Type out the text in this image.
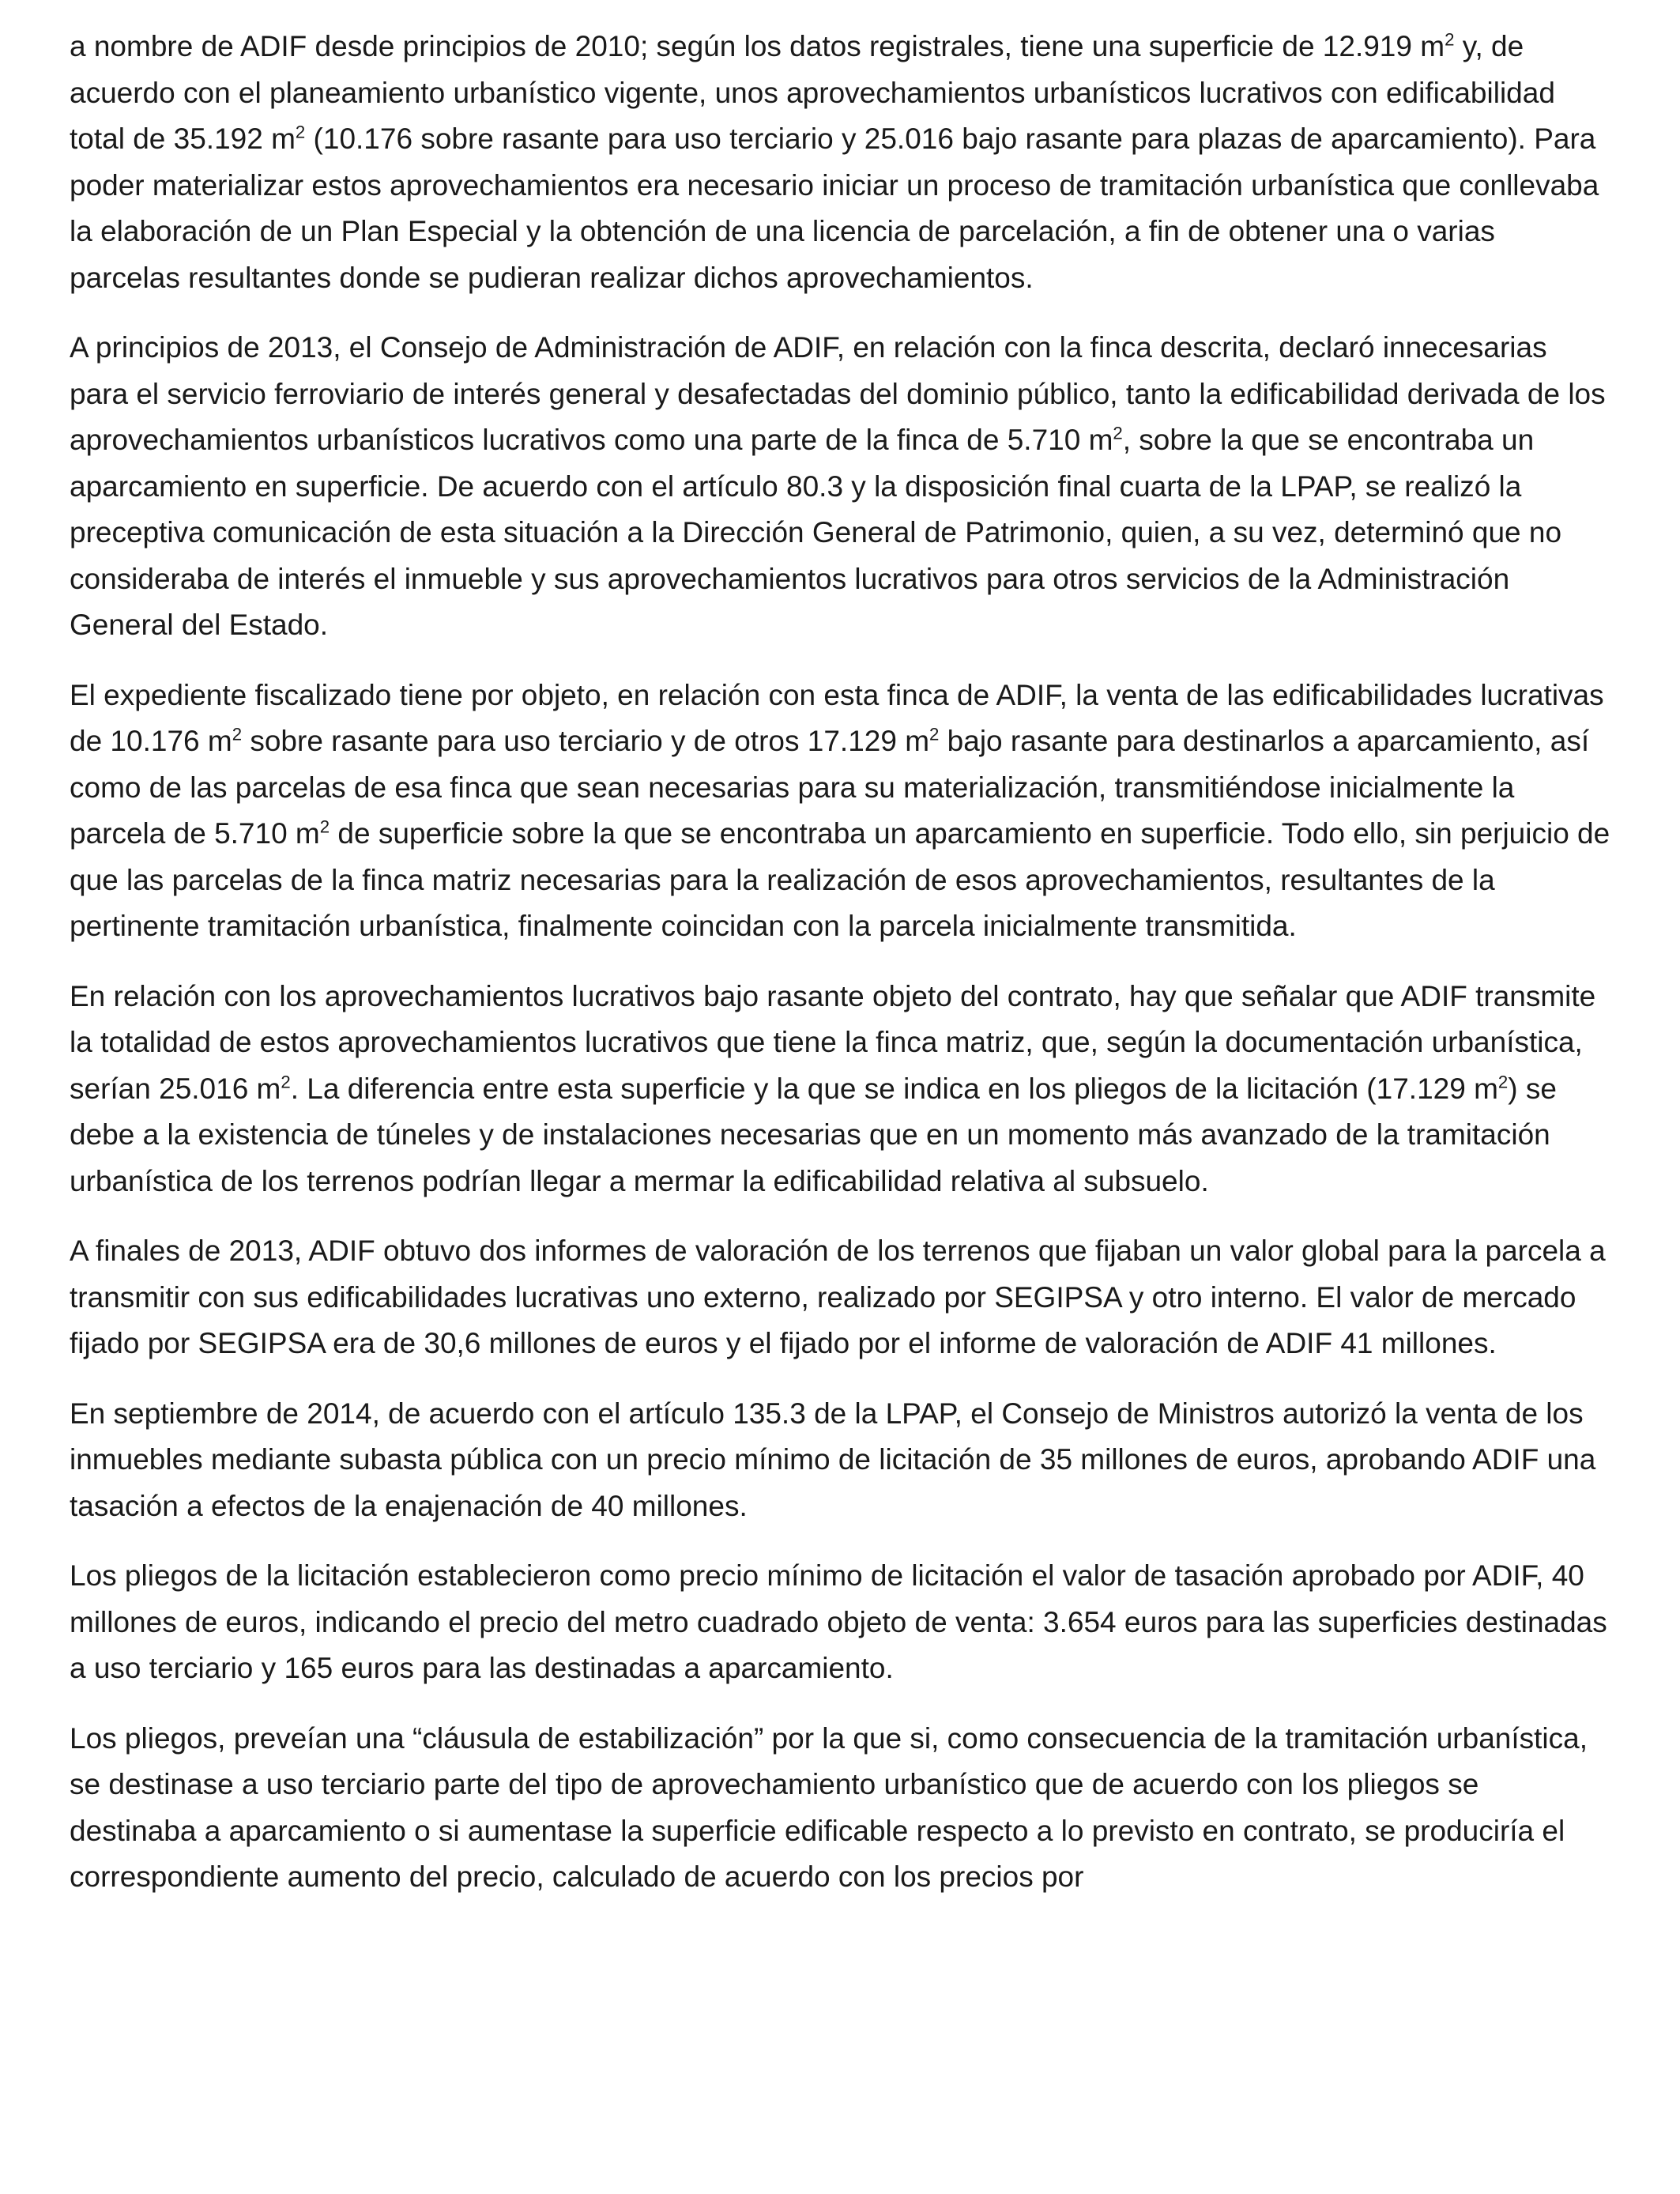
a nombre de ADIF desde principios de 2010; según los datos registrales, tiene una superficie de 12.919 $m^2$ y, de acuerdo con el planeamiento urbanístico vigente, unos aprovechamientos urbanísticos lucrativos con edificabilidad total de 35.192 $m^2$ (10.176 sobre rasante para uso terciario y 25.016 bajo rasante para plazas de aparcamiento). Para poder materializar estos aprovechamientos era necesario iniciar un proceso de tramitación urbanística que conllevaba la elaboración de un Plan Especial y la obtención de una licencia de parcelación, a fin de obtener una o varias parcelas resultantes donde se pudieran realizar dichos aprovechamientos.

A principios de 2013, el Consejo de Administración de ADIF, en relación con la finca descrita, declaró innecesarias para el servicio ferroviario de interés general y desafectadas del dominio público, tanto la edificabilidad derivada de los aprovechamientos urbanísticos lucrativos como una parte de la finca de 5.710 $m^2$, sobre la que se encontraba un aparcamiento en superficie. De acuerdo con el artículo 80.3 y la disposición final cuarta de la LPAP, se realizó la preceptiva comunicación de esta situación a la Dirección General de Patrimonio, quien, a su vez, determinó que no consideraba de interés el inmueble y sus aprovechamientos lucrativos para otros servicios de la Administración General del Estado.

El expediente fiscalizado tiene por objeto, en relación con esta finca de ADIF, la venta de las edificabilidades lucrativas de 10.176 $m^2$ sobre rasante para uso terciario y de otros 17.129 $m^2$ bajo rasante para destinarlos a aparcamiento, así como de las parcelas de esa finca que sean necesarias para su materialización, transmitiéndose inicialmente la parcela de 5.710 $m^2$ de superficie sobre la que se encontraba un aparcamiento en superficie. Todo ello, sin perjuicio de que las parcelas de la finca matriz necesarias para la realización de esos aprovechamientos, resultantes de la pertinente tramitación urbanística, finalmente coincidan con la parcela inicialmente transmitida.

En relación con los aprovechamientos lucrativos bajo rasante objeto del contrato, hay que señalar que ADIF transmite la totalidad de estos aprovechamientos lucrativos que tiene la finca matriz, que, según la documentación urbanística, serían 25.016 $m^2$. La diferencia entre esta superficie y la que se indica en los pliegos de la licitación (17.129 $m^2$) se debe a la existencia de túneles y de instalaciones necesarias que en un momento más avanzado de la tramitación urbanística de los terrenos podrían llegar a mermar la edificabilidad relativa al subsuelo.

A finales de 2013, ADIF obtuvo dos informes de valoración de los terrenos que fijaban un valor global para la parcela a transmitir con sus edificabilidades lucrativas uno externo, realizado por SEGIPSA y otro interno. El valor de mercado fijado por SEGIPSA era de 30,6 millones de euros y el fijado por el informe de valoración de ADIF 41 millones.

En septiembre de 2014, de acuerdo con el artículo 135.3 de la LPAP, el Consejo de Ministros autorizó la venta de los inmuebles mediante subasta pública con un precio mínimo de licitación de 35 millones de euros, aprobando ADIF una tasación a efectos de la enajenación de 40 millones.

Los pliegos de la licitación establecieron como precio mínimo de licitación el valor de tasación aprobado por ADIF, 40 millones de euros, indicando el precio del metro cuadrado objeto de venta: 3.654 euros para las superficies destinadas a uso terciario y 165 euros para las destinadas a aparcamiento.

Los pliegos, preveían una “cláusula de estabilización” por la que si, como consecuencia de la tramitación urbanística, se destinase a uso terciario parte del tipo de aprovechamiento urbanístico que de acuerdo con los pliegos se destinaba a aparcamiento o si aumentase la superficie edificable respecto a lo previsto en contrato, se produciría el correspondiente aumento del precio, calculado de acuerdo con los precios por
